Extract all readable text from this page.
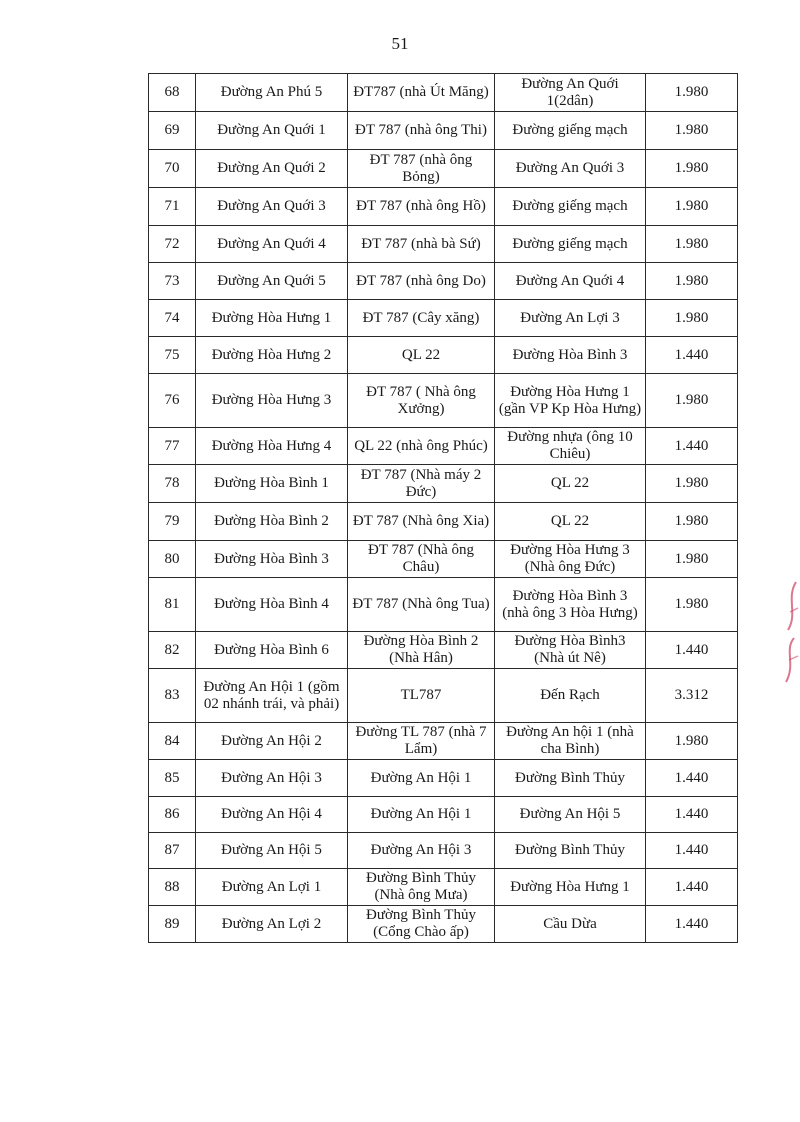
51
68	Đường An Phú 5	ĐT787 (nhà Út Măng)	Đường An Quới 1(2dân)	1.980
69	Đường An Quới 1	ĐT 787 (nhà ông Thi)	Đường giếng mạch	1.980
70	Đường An Quới 2	ĐT 787 (nhà ông Bỏng)	Đường An Quới 3	1.980
71	Đường An Quới 3	ĐT 787 (nhà ông Hồ)	Đường giếng mạch	1.980
72	Đường An Quới 4	ĐT 787 (nhà bà Sứ)	Đường giếng mạch	1.980
73	Đường An Quới 5	ĐT 787 (nhà ông Do)	Đường An Quới 4	1.980
74	Đường Hòa Hưng 1	ĐT 787 (Cây xăng)	Đường An Lợi 3	1.980
75	Đường Hòa Hưng 2	QL 22	Đường Hòa Bình 3	1.440
76	Đường Hòa Hưng 3	ĐT 787 ( Nhà ông Xưởng)	Đường Hòa Hưng 1 (gần VP Kp Hòa Hưng)	1.980
77	Đường Hòa Hưng 4	QL 22 (nhà ông Phúc)	Đường nhựa (ông 10 Chiêu)	1.440
78	Đường Hòa Bình 1	ĐT 787 (Nhà máy 2 Đức)	QL 22	1.980
79	Đường Hòa Bình 2	ĐT 787 (Nhà ông Xia)	QL 22	1.980
80	Đường Hòa Bình 3	ĐT 787 (Nhà ông Châu)	Đường Hòa Hưng 3 (Nhà ông Đức)	1.980
81	Đường Hòa Bình 4	ĐT 787 (Nhà ông Tua)	Đường Hòa Bình 3 (nhà ông 3 Hòa Hưng)	1.980
82	Đường Hòa Bình 6	Đường Hòa Bình 2 (Nhà Hân)	Đường Hòa Bình3 (Nhà út Nê)	1.440
83	Đường An Hội 1 (gồm 02 nhánh trái, và phải)	TL787	Đến Rạch	3.312
84	Đường An Hội 2	Đường TL 787 (nhà 7 Lẩm)	Đường An hội 1 (nhà cha Bình)	1.980
85	Đường An Hội 3	Đường An Hội 1	Đường Bình Thủy	1.440
86	Đường An Hội 4	Đường An Hội 1	Đường An Hội 5	1.440
87	Đường An Hội 5	Đường An Hội 3	Đường Bình Thủy	1.440
88	Đường An Lợi 1	Đường Bình Thủy (Nhà ông Mưa)	Đường Hòa Hưng 1	1.440
89	Đường An Lợi 2	Đường Bình Thủy (Cổng Chào ấp)	Cầu Dừa	1.440
